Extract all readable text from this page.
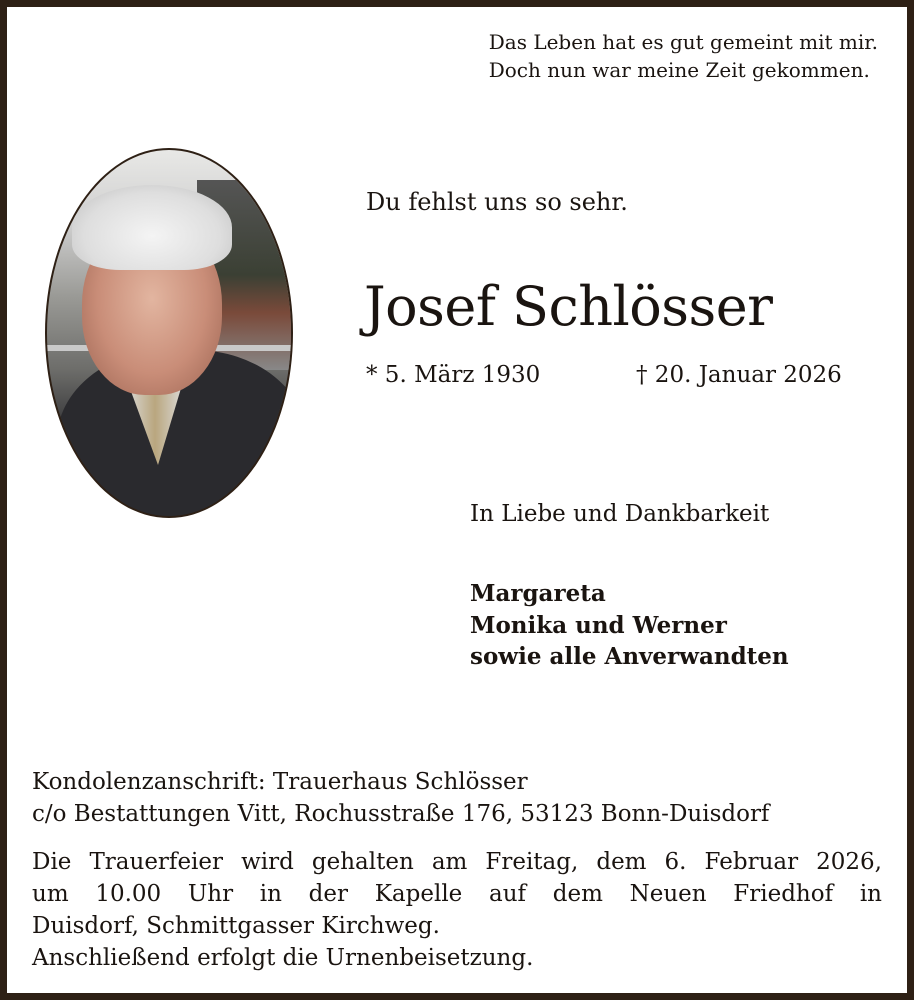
Das Leben hat es gut gemeint mit mir.
Doch nun war meine Zeit gekommen.
Du fehlst uns so sehr.
Josef Schlösser
* 5. März 1930	† 20. Januar 2026
In Liebe und Dankbarkeit
Margareta
Monika und Werner
sowie alle Anverwandten
Kondolenzanschrift: Trauerhaus Schlösser
c/o Bestattungen Vitt, Rochusstraße 176, 53123 Bonn-Duisdorf
Die Trauerfeier wird gehalten am Freitag, dem 6. Februar 2026,
um 10.00 Uhr in der Kapelle auf dem Neuen Friedhof in
Duisdorf, Schmittgasser Kirchweg.
Anschließend erfolgt die Urnenbeisetzung.
